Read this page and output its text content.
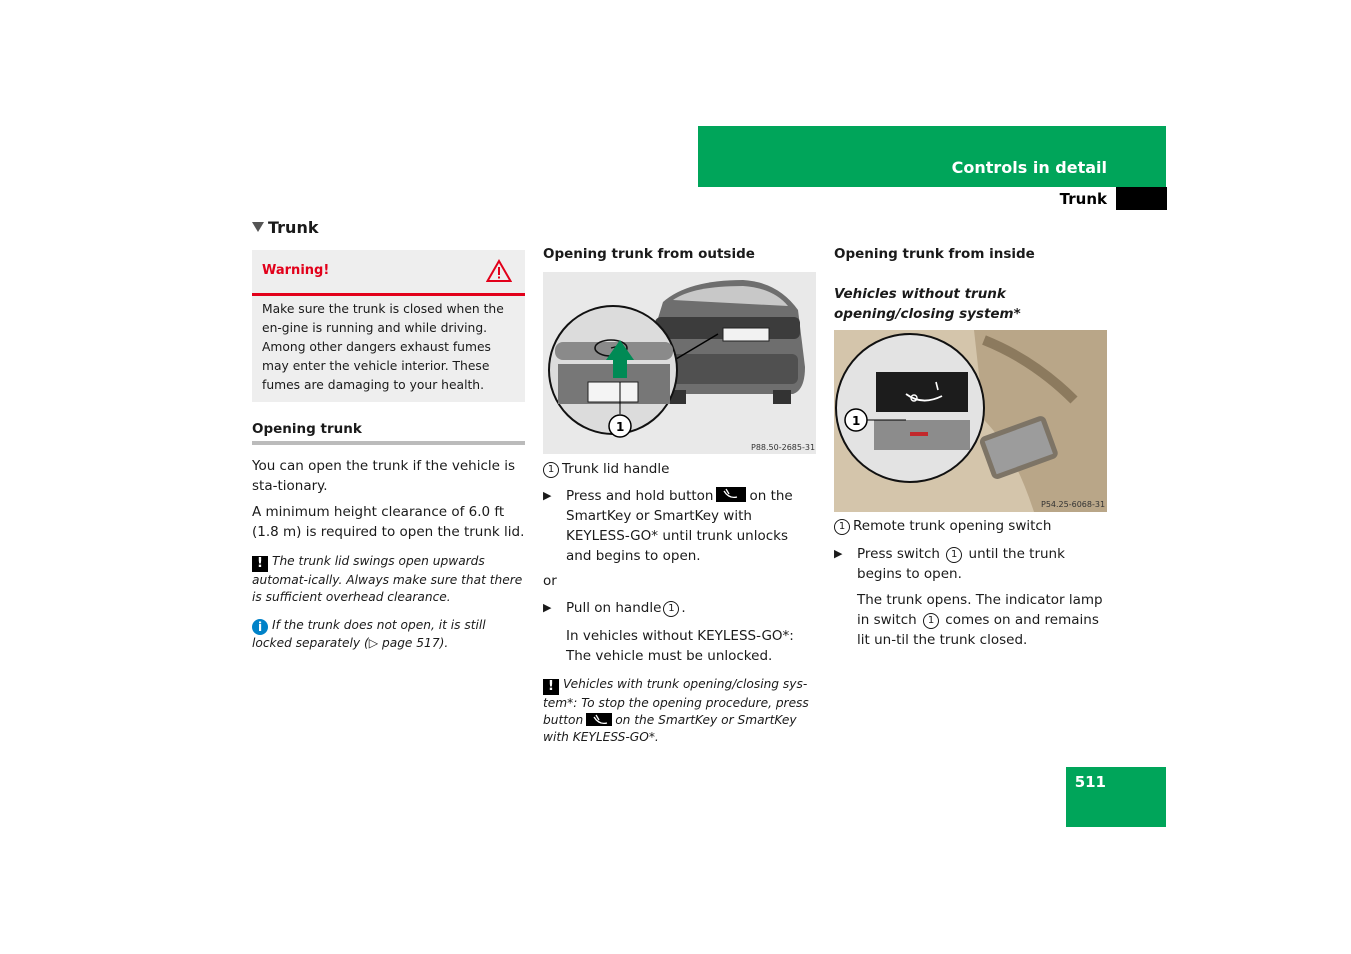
Controls in detail
Trunk
Trunk
Warning!
Make sure the trunk is closed when the en-gine is running and while driving. Among other dangers exhaust fumes may enter the vehicle interior. These fumes are damaging to your health.
Opening trunk
You can open the trunk if the vehicle is sta-tionary.
A minimum height clearance of 6.0 ft (1.8 m) is required to open the trunk lid.
! The trunk lid swings open upwards automat-ically. Always make sure that there is sufficient overhead clearance.
i If the trunk does not open, it is still locked separately (▷ page 517).
Opening trunk from outside
1
P88.50-2685-31
1 Trunk lid handle
▶ Press and hold button	on the SmartKey or SmartKey with KEYLESS-GO* until trunk unlocks and begins to open.
or
▶ Pull on handle 1 .
In vehicles without KEYLESS-GO*: The vehicle must be unlocked.
! Vehicles with trunk opening/closing sys-tem*: To stop the opening procedure, press button	on the SmartKey or SmartKey with KEYLESS-GO*.
Opening trunk from inside
Vehicles without trunk opening/closing system*
1
P54.25-6068-31
1 Remote trunk opening switch
▶ Press switch 1 until the trunk begins to open.
The trunk opens. The indicator lamp in switch 1 comes on and remains lit un-til the trunk closed.
511
